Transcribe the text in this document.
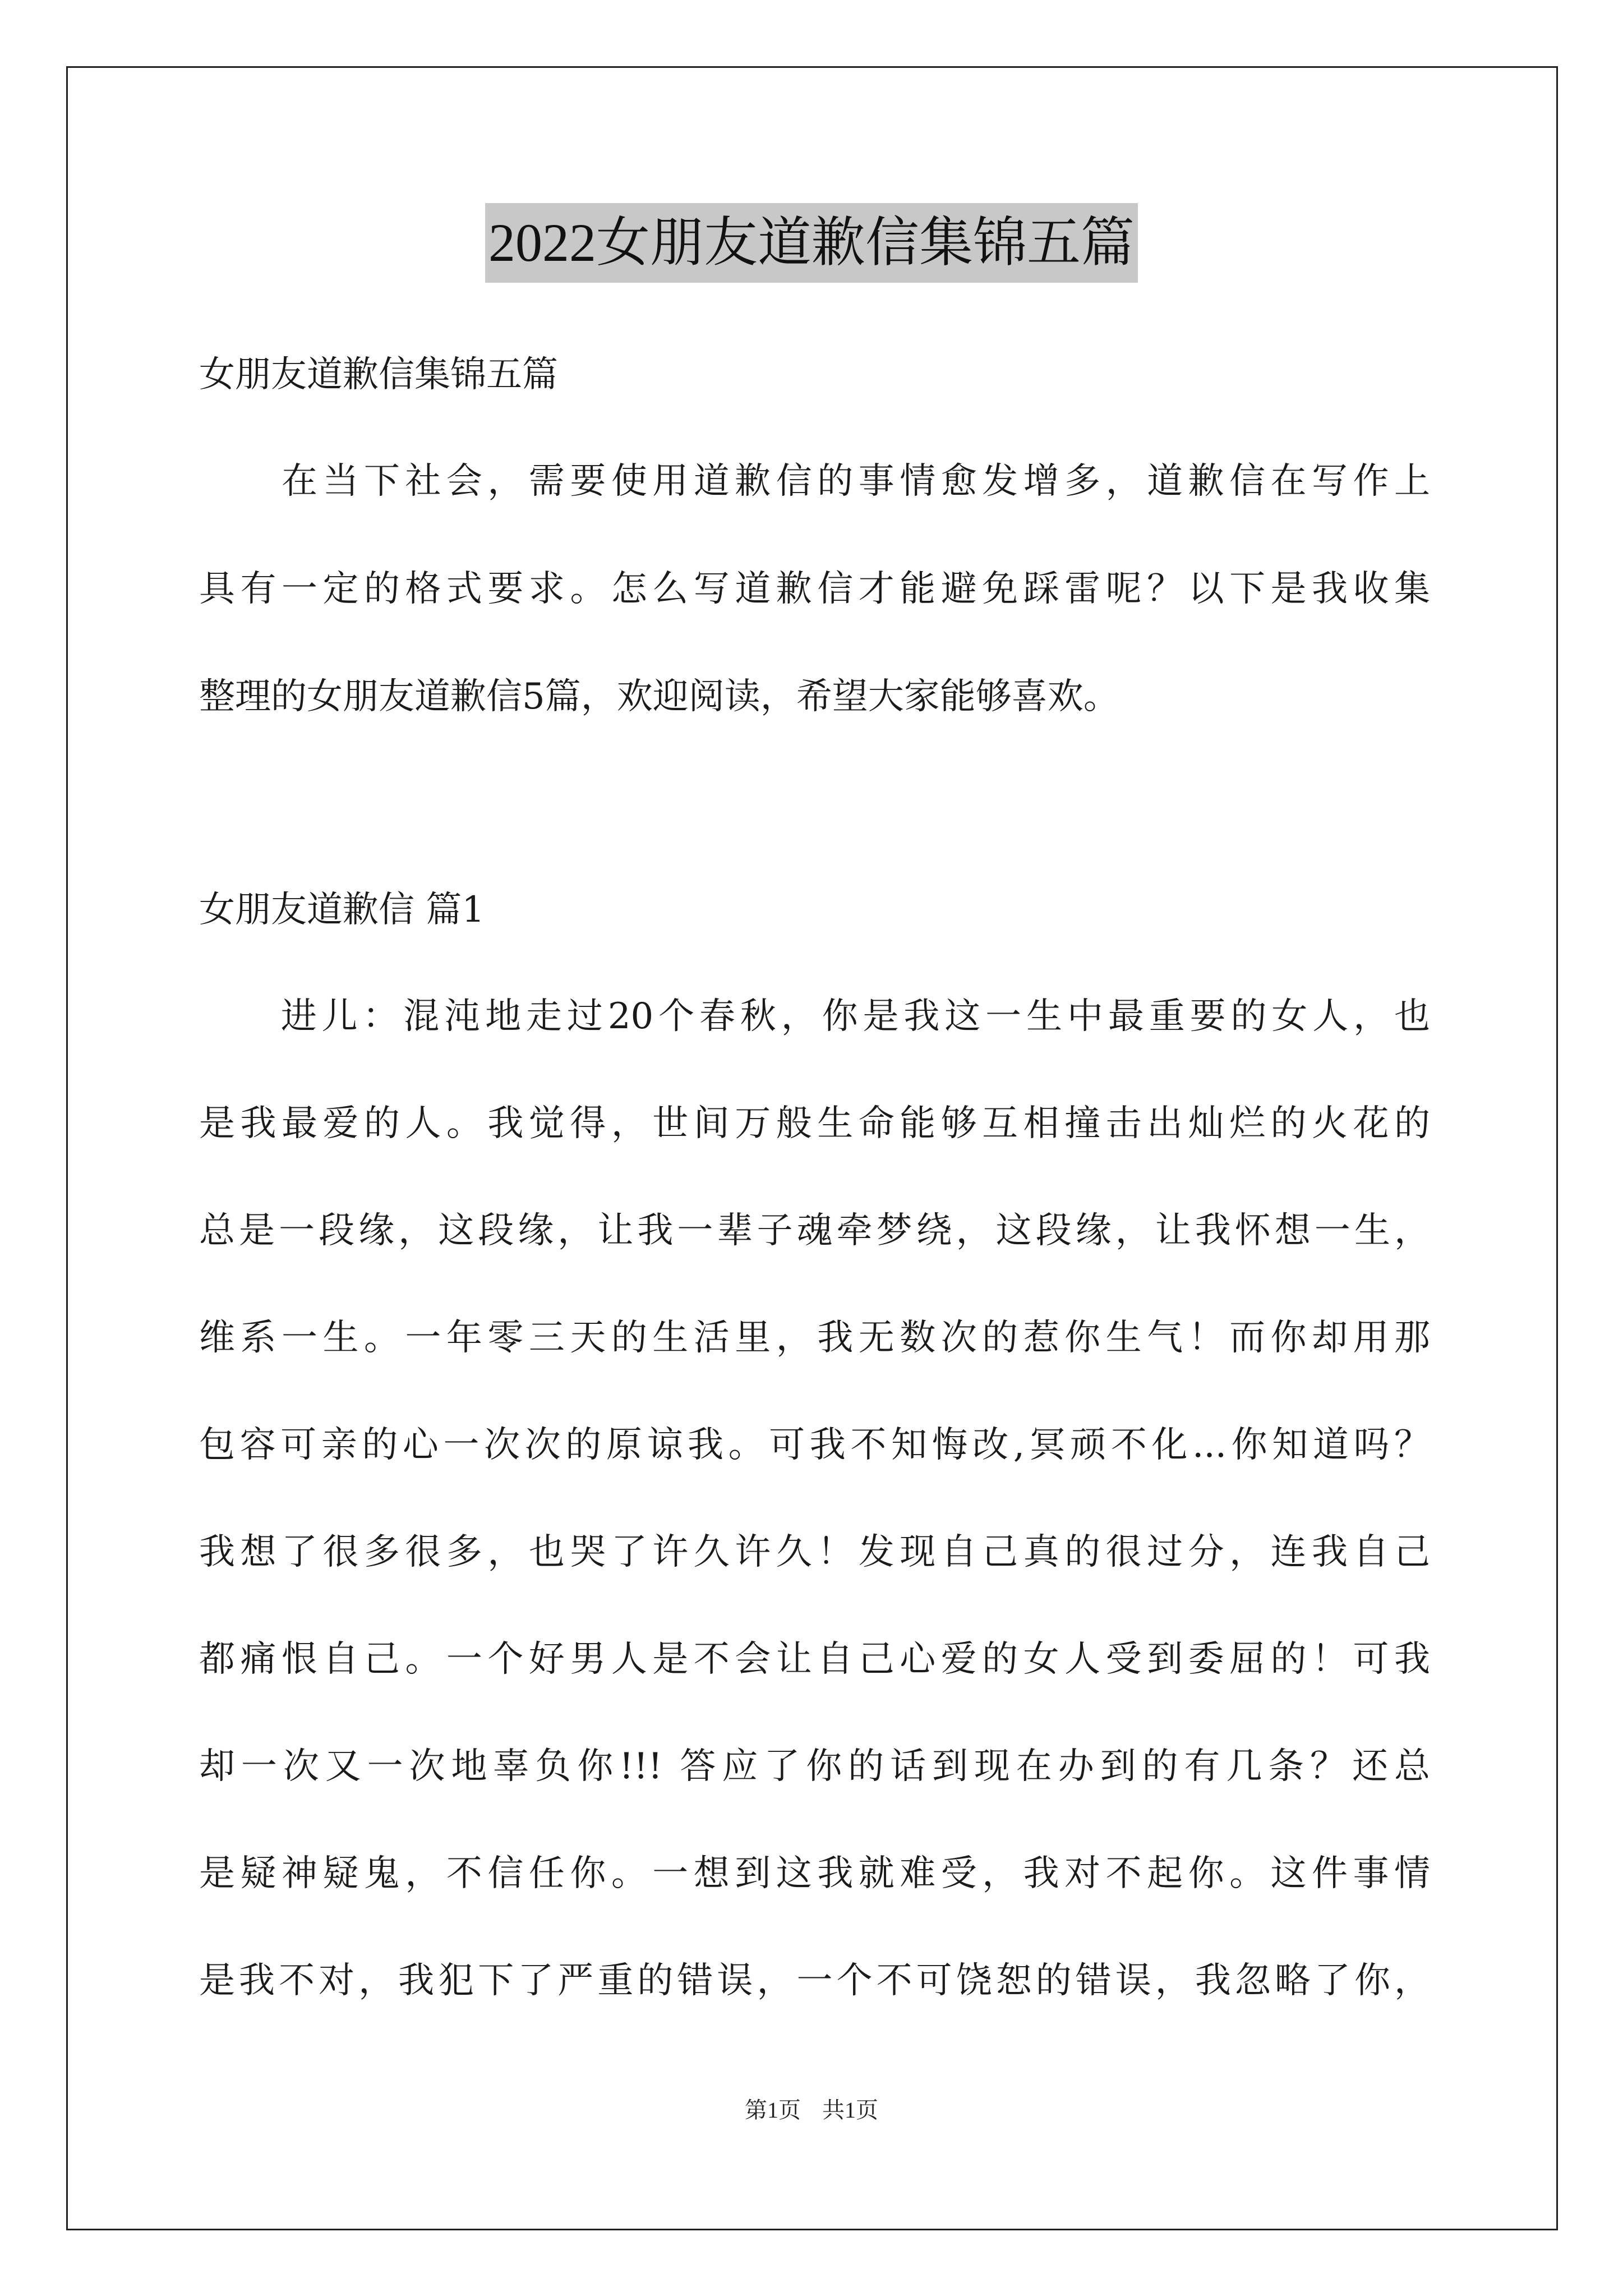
2022女朋友道歉信集锦五篇
女朋友道歉信集锦五篇
　　在当下社会，需要使用道歉信的事情愈发增多，道歉信在写作上
具有一定的格式要求。怎么写道歉信才能避免踩雷呢？以下是我收集
整理的女朋友道歉信5篇，欢迎阅读，希望大家能够喜欢。
女朋友道歉信 篇1
　　进儿：混沌地走过20个春秋，你是我这一生中最重要的女人，也
是我最爱的人。我觉得，世间万般生命能够互相撞击出灿烂的火花的
总是一段缘，这段缘，让我一辈子魂牵梦绕，这段缘，让我怀想一生，
维系一生。一年零三天的生活里，我无数次的惹你生气！而你却用那
包容可亲的心一次次的原谅我。可我不知悔改,冥顽不化...你知道吗？
我想了很多很多，也哭了许久许久！发现自己真的很过分，连我自己
都痛恨自己。一个好男人是不会让自己心爱的女人受到委屈的！可我
却一次又一次地辜负你!!! 答应了你的话到现在办到的有几条？还总
是疑神疑鬼，不信任你。一想到这我就难受，我对不起你。这件事情
是我不对，我犯下了严重的错误，一个不可饶恕的错误，我忽略了你，
第1页 共1页
